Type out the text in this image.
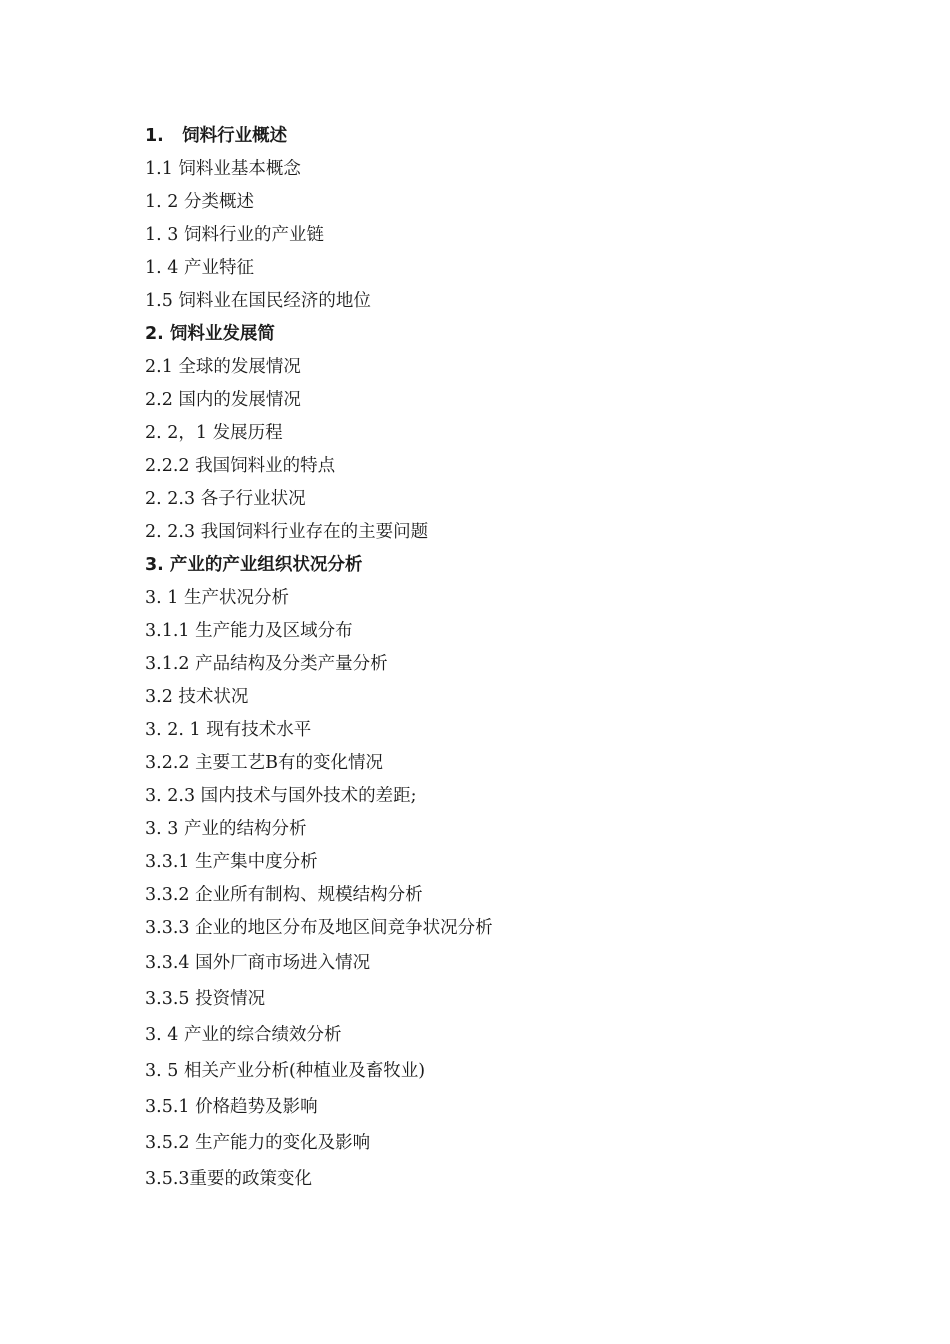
1.   饲料行业概述
1.1 饲料业基本概念
1. 2 分类概述
1. 3 饲料行业的产业链
1. 4 产业特征
1.5 饲料业在国民经济的地位
2. 饲料业发展简
2.1 全球的发展情况
2.2 国内的发展情况
2. 2，1 发展历程
2.2.2 我国饲料业的特点
2. 2.3 各子行业状况
2. 2.3 我国饲料行业存在的主要问题
3. 产业的产业组织状况分析
3. 1 生产状况分析
3.1.1 生产能力及区域分布
3.1.2 产品结构及分类产量分析
3.2 技术状况
3. 2. 1 现有技术水平
3.2.2 主要工艺B有的变化情况
3. 2.3 国内技术与国外技术的差距;
3. 3 产业的结构分析
3.3.1 生产集中度分析
3.3.2 企业所有制构、规模结构分析
3.3.3 企业的地区分布及地区间竞争状况分析
3.3.4 国外厂商市场进入情况
3.3.5 投资情况
3. 4 产业的综合绩效分析
3. 5 相关产业分析(种植业及畜牧业)
3.5.1 价格趋势及影响
3.5.2 生产能力的变化及影响
3.5.3重要的政策变化
